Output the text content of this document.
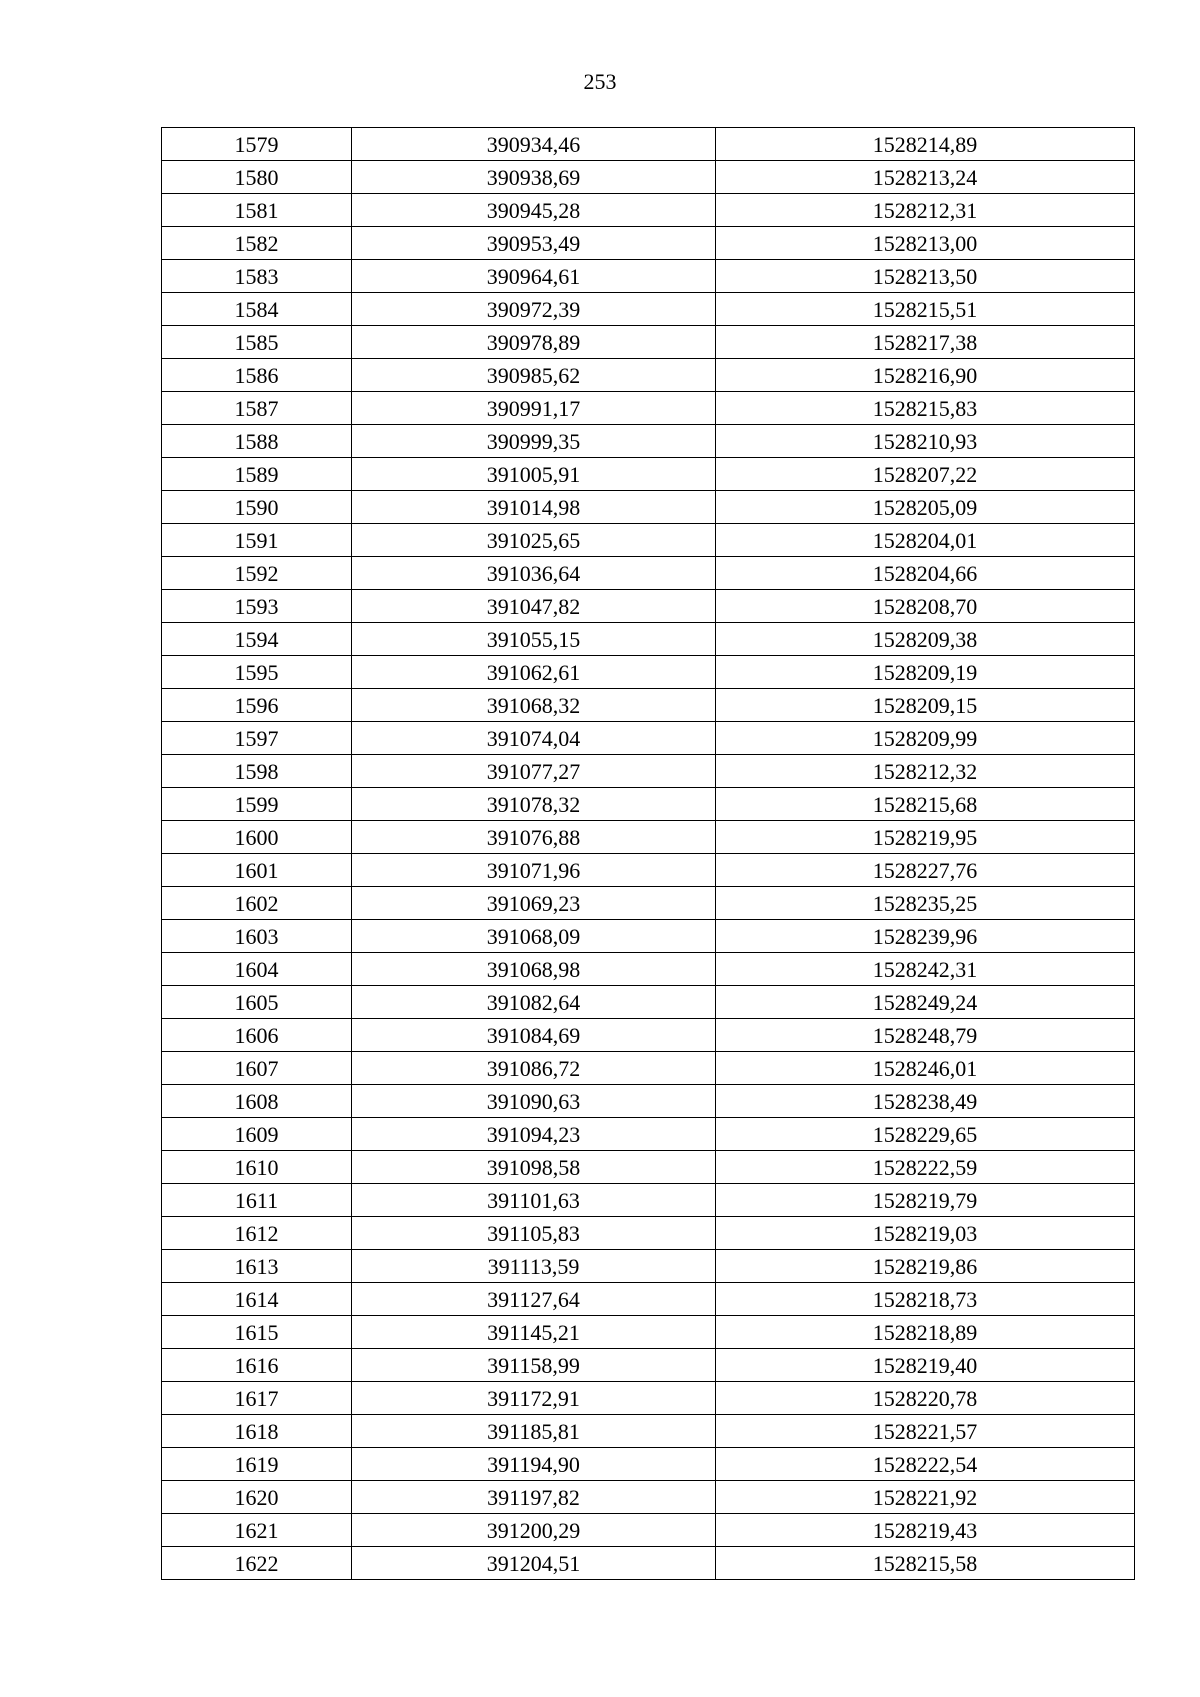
253
1579	390934,46	1528214,89
1580	390938,69	1528213,24
1581	390945,28	1528212,31
1582	390953,49	1528213,00
1583	390964,61	1528213,50
1584	390972,39	1528215,51
1585	390978,89	1528217,38
1586	390985,62	1528216,90
1587	390991,17	1528215,83
1588	390999,35	1528210,93
1589	391005,91	1528207,22
1590	391014,98	1528205,09
1591	391025,65	1528204,01
1592	391036,64	1528204,66
1593	391047,82	1528208,70
1594	391055,15	1528209,38
1595	391062,61	1528209,19
1596	391068,32	1528209,15
1597	391074,04	1528209,99
1598	391077,27	1528212,32
1599	391078,32	1528215,68
1600	391076,88	1528219,95
1601	391071,96	1528227,76
1602	391069,23	1528235,25
1603	391068,09	1528239,96
1604	391068,98	1528242,31
1605	391082,64	1528249,24
1606	391084,69	1528248,79
1607	391086,72	1528246,01
1608	391090,63	1528238,49
1609	391094,23	1528229,65
1610	391098,58	1528222,59
1611	391101,63	1528219,79
1612	391105,83	1528219,03
1613	391113,59	1528219,86
1614	391127,64	1528218,73
1615	391145,21	1528218,89
1616	391158,99	1528219,40
1617	391172,91	1528220,78
1618	391185,81	1528221,57
1619	391194,90	1528222,54
1620	391197,82	1528221,92
1621	391200,29	1528219,43
1622	391204,51	1528215,58
